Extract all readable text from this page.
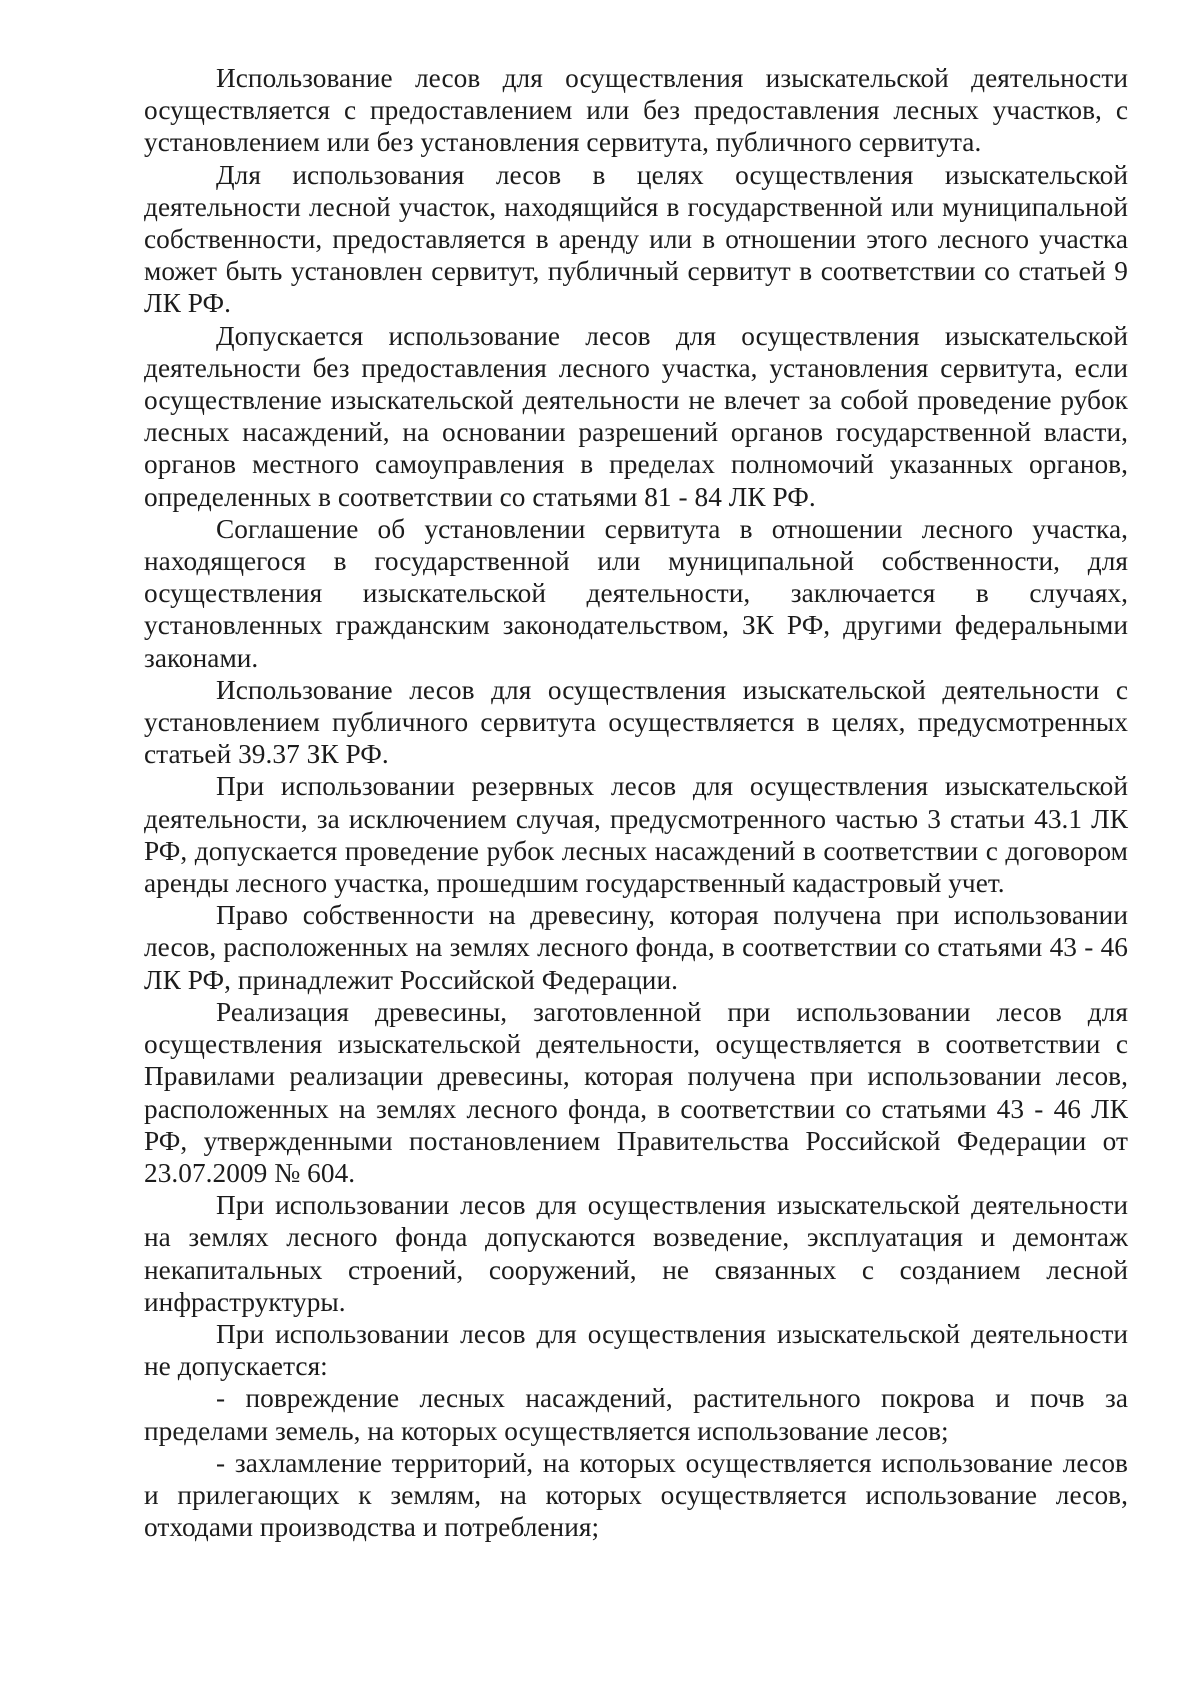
Использование лесов для осуществления изыскательской деятельности осуществляется с предоставлением или без предоставления лесных участков, с установлением или без установления сервитута, публичного сервитута.

Для использования лесов в целях осуществления изыскательской деятельности лесной участок, находящийся в государственной или муниципальной собственности, предоставляется в аренду или в отношении этого лесного участка может быть установлен сервитут, публичный сервитут в соответствии со статьей 9 ЛК РФ.

Допускается использование лесов для осуществления изыскательской деятельности без предоставления лесного участка, установления сервитута, если осуществление изыскательской деятельности не влечет за собой проведение рубок лесных насаждений, на основании разрешений органов государственной власти, органов местного самоуправления в пределах полномочий указанных органов, определенных в соответствии со статьями 81 - 84 ЛК РФ.

Соглашение об установлении сервитута в отношении лесного участка, находящегося в государственной или муниципальной собственности, для осуществления изыскательской деятельности, заключается в случаях, установленных гражданским законодательством, ЗК РФ, другими федеральными законами.

Использование лесов для осуществления изыскательской деятельности с установлением публичного сервитута осуществляется в целях, предусмотренных статьей 39.37 ЗК РФ.

При использовании резервных лесов для осуществления изыскательской деятельности, за исключением случая, предусмотренного частью 3 статьи 43.1 ЛК РФ, допускается проведение рубок лесных насаждений в соответствии с договором аренды лесного участка, прошедшим государственный кадастровый учет.

Право собственности на древесину, которая получена при использовании лесов, расположенных на землях лесного фонда, в соответствии со статьями 43 - 46 ЛК РФ, принадлежит Российской Федерации.

Реализация древесины, заготовленной при использовании лесов для осуществления изыскательской деятельности, осуществляется в соответствии с Правилами реализации древесины, которая получена при использовании лесов, расположенных на землях лесного фонда, в соответствии со статьями 43 - 46 ЛК РФ, утвержденными постановлением Правительства Российской Федерации от 23.07.2009 № 604.

При использовании лесов для осуществления изыскательской деятельности на землях лесного фонда допускаются возведение, эксплуатация и демонтаж некапитальных строений, сооружений, не связанных с созданием лесной инфраструктуры.

При использовании лесов для осуществления изыскательской деятельности не допускается:

- повреждение лесных насаждений, растительного покрова и почв за пределами земель, на которых осуществляется использование лесов;

- захламление территорий, на которых осуществляется использование лесов и прилегающих к землям, на которых осуществляется использование лесов, отходами производства и потребления;
